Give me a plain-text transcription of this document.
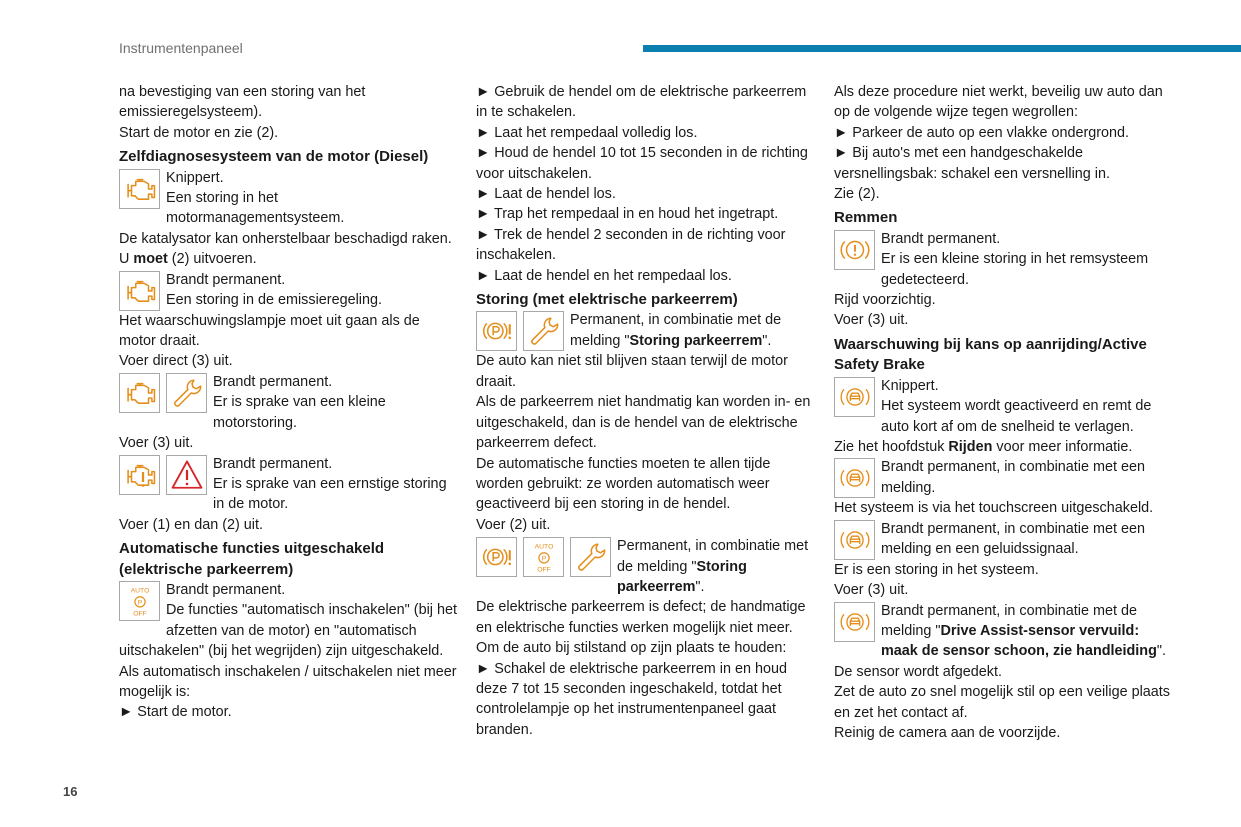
Instrumentenpaneel

na bevestiging van een storing van het emissieregelsysteem).

Start de motor en zie (2).

Zelfdiagnosesysteem van de motor (Diesel)

Knippert.

Een storing in het motormanagementsysteem.

De katalysator kan onherstelbaar beschadigd raken.

U moet (2) uitvoeren.

Brandt permanent.

Een storing in de emissieregeling.

Het waarschuwingslampje moet uit gaan als de motor draait.

Voer direct (3) uit.

Brandt permanent.

Er is sprake van een kleine motorstoring.

Voer (3) uit.

Brandt permanent.

Er is sprake van een ernstige storing in de motor.

Voer (1) en dan (2) uit.

Automatische functies uitgeschakeld (elektrische parkeerrem)
AUTO
P
OFF

Brandt permanent.

De functies "automatisch inschakelen" (bij het afzetten van de motor) en "automatisch uitschakelen" (bij het wegrijden) zijn uitgeschakeld.

Als automatisch inschakelen / uitschakelen niet meer mogelijk is:

► Start de motor.

► Gebruik de hendel om de elektrische parkeerrem in te schakelen.

► Laat het rempedaal volledig los.

► Houd de hendel 10 tot 15 seconden in de richting voor uitschakelen.

► Laat de hendel los.

► Trap het rempedaal in en houd het ingetrapt.

► Trek de hendel 2 seconden in de richting voor inschakelen.

► Laat de hendel en het rempedaal los.

Storing (met elektrische parkeerrem)

Permanent, in combinatie met de melding "Storing parkeerrem".

De auto kan niet stil blijven staan terwijl de motor draait.

Als de parkeerrem niet handmatig kan worden in- en uitgeschakeld, dan is de hendel van de elektrische parkeerrem defect.

De automatische functies moeten te allen tijde worden gebruikt: ze worden automatisch weer geactiveerd bij een storing in de hendel.

Voer (2) uit.

AUTO
P
OFF

Permanent, in combinatie met de melding "Storing parkeerrem".

De elektrische parkeerrem is defect; de handmatige en elektrische functies werken mogelijk niet meer.

Om de auto bij stilstand op zijn plaats te houden:

► Schakel de elektrische parkeerrem in en houd deze 7 tot 15 seconden ingeschakeld, totdat het controlelampje op het instrumentenpaneel gaat branden.

Als deze procedure niet werkt, beveilig uw auto dan op de volgende wijze tegen wegrollen:

► Parkeer de auto op een vlakke ondergrond.

► Bij auto's met een handgeschakelde versnellingsbak: schakel een versnelling in.

Zie (2).

Remmen

Brandt permanent.

Er is een kleine storing in het remsysteem gedetecteerd.

Rijd voorzichtig.

Voer (3) uit.

Waarschuwing bij kans op aanrijding/Active Safety Brake

Knippert.

Het systeem wordt geactiveerd en remt de auto kort af om de snelheid te verlagen.

Zie het hoofdstuk Rijden voor meer informatie.

Brandt permanent, in combinatie met een melding.

Het systeem is via het touchscreen uitgeschakeld.

Brandt permanent, in combinatie met een melding en een geluidssignaal.

Er is een storing in het systeem.

Voer (3) uit.

Brandt permanent, in combinatie met de melding "Drive Assist-sensor vervuild: maak de sensor schoon, zie handleiding".

De sensor wordt afgedekt.

Zet de auto zo snel mogelijk stil op een veilige plaats en zet het contact af.

Reinig de camera aan de voorzijde.

16
